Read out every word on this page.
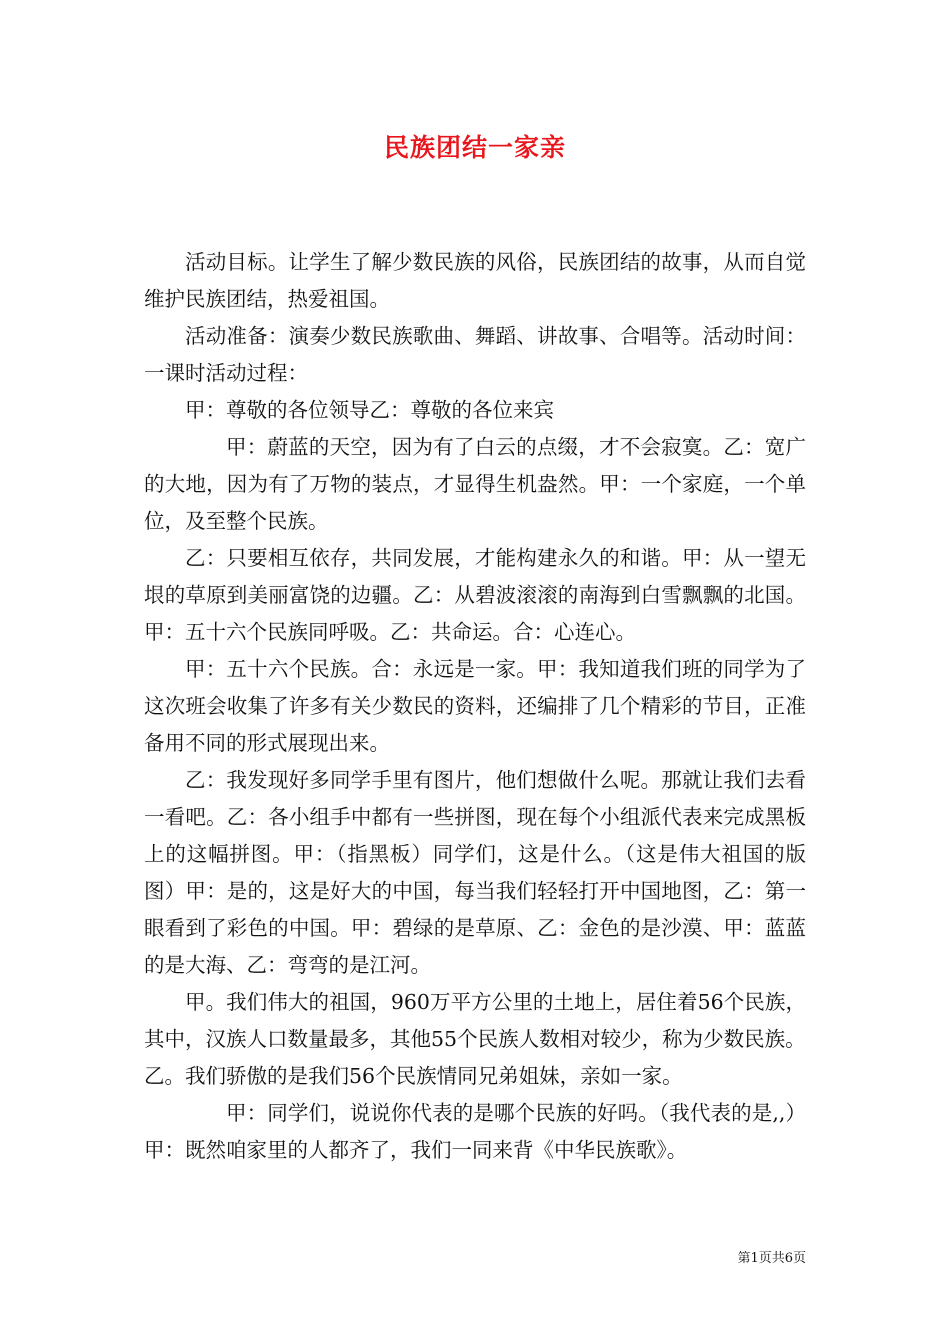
民族团结一家亲

活动目标。让学生了解少数民族的风俗，民族团结的故事，从而自觉维护民族团结，热爱祖国。

活动准备：演奏少数民族歌曲、舞蹈、讲故事、合唱等。活动时间：一课时活动过程：

甲：尊敬的各位领导乙：尊敬的各位来宾

甲：蔚蓝的天空，因为有了白云的点缀，才不会寂寞。乙：宽广的大地，因为有了万物的装点，才显得生机盎然。甲：一个家庭，一个单位，及至整个民族。

乙：只要相互依存，共同发展，才能构建永久的和谐。甲：从一望无垠的草原到美丽富饶的边疆。乙：从碧波滚滚的南海到白雪飘飘的北国。甲：五十六个民族同呼吸。乙：共命运。合：心连心。

甲：五十六个民族。合：永远是一家。甲：我知道我们班的同学为了这次班会收集了许多有关少数民的资料，还编排了几个精彩的节目，正准备用不同的形式展现出来。

乙：我发现好多同学手里有图片，他们想做什么呢。那就让我们去看一看吧。乙：各小组手中都有一些拼图，现在每个小组派代表来完成黑板上的这幅拼图。甲：（指黑板）同学们，这是什么。（这是伟大祖国的版图）甲：是的，这是好大的中国，每当我们轻轻打开中国地图，乙：第一眼看到了彩色的中国。甲：碧绿的是草原、乙：金色的是沙漠、甲：蓝蓝的是大海、乙：弯弯的是江河。

甲。我们伟大的祖国，960万平方公里的土地上，居住着56个民族，其中，汉族人口数量最多，其他55个民族人数相对较少，称为少数民族。

乙。我们骄傲的是我们56个民族情同兄弟姐妹，亲如一家。

甲：同学们，说说你代表的是哪个民族的好吗。（我代表的是,,）甲：既然咱家里的人都齐了，我们一同来背《中华民族歌》。

第1页共6页
